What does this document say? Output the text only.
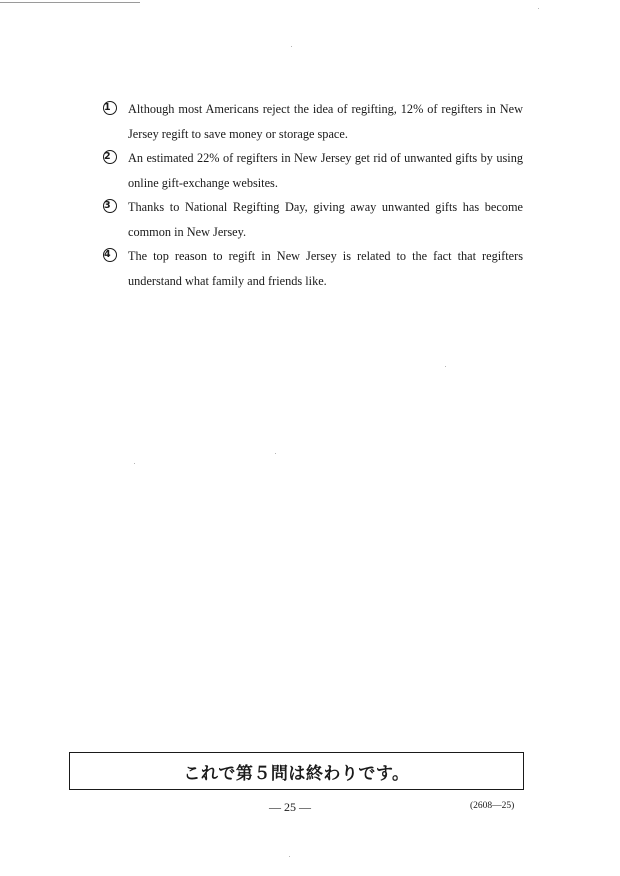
1	Although most Americans reject the idea of regifting, 12% of regifters in New Jersey regift to save money or storage space.
2	An estimated 22% of regifters in New Jersey get rid of unwanted gifts by using online gift-exchange websites.
3	Thanks to National Regifting Day, giving away unwanted gifts has become common in New Jersey.
4	The top reason to regift in New Jersey is related to the fact that regifters understand what family and friends like.
これで第５問は終わりです。
— 25 —	(2608—25)
